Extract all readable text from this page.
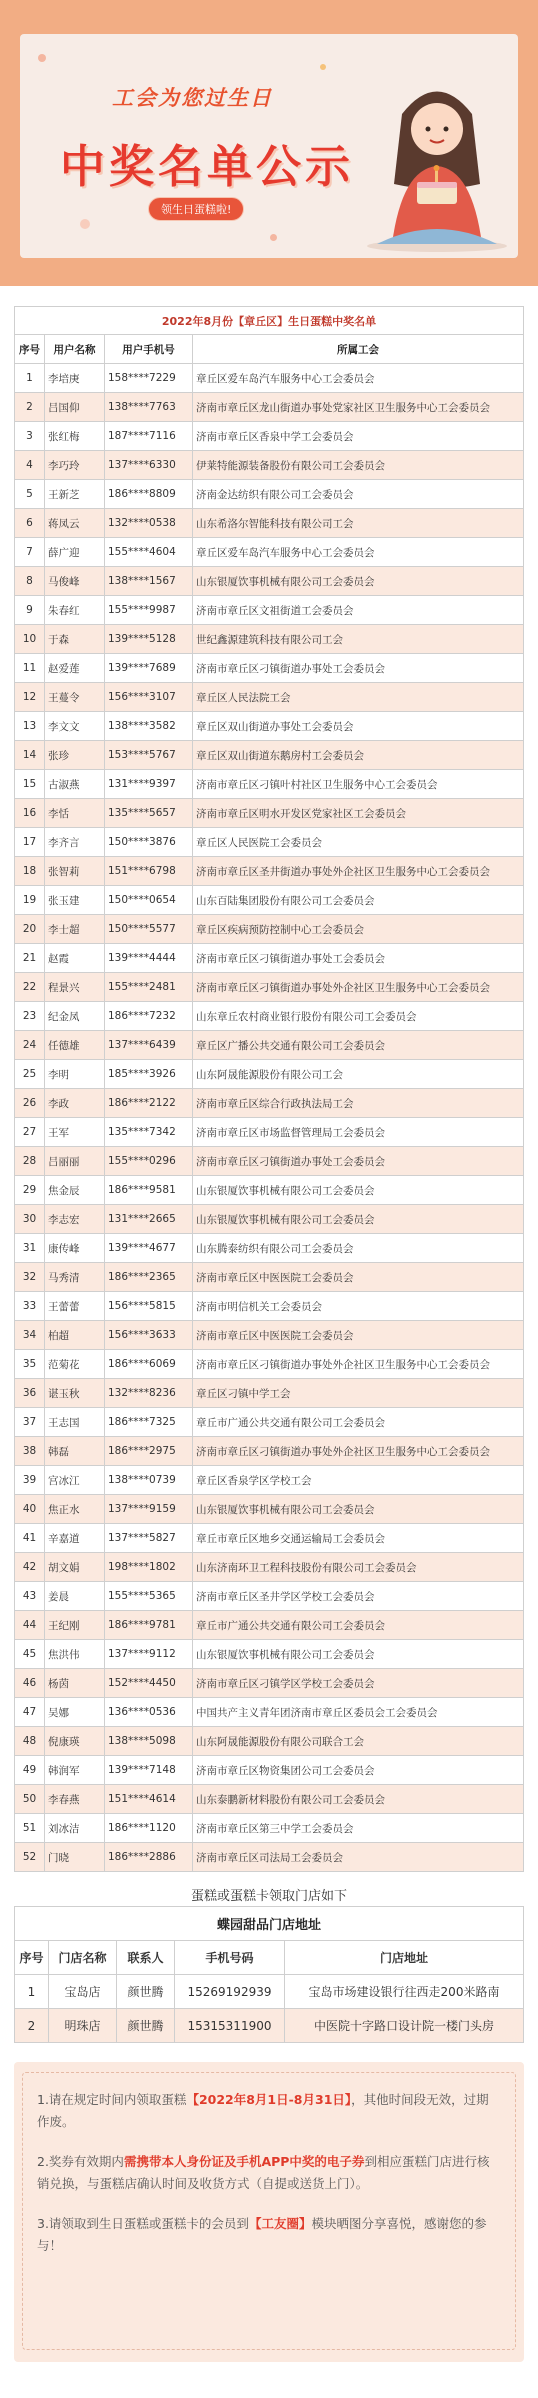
工会为您过生日
中奖名单公示
领生日蛋糕啦!
2022年8月份【章丘区】生日蛋糕中奖名单			
序号	用户名称	用户手机号	所属工会
1	李培庚	158****7229	章丘区爱车岛汽车服务中心工会委员会
2	吕国仰	138****7763	济南市章丘区龙山街道办事处党家社区卫生服务中心工会委员会
3	张红梅	187****7116	济南市章丘区香泉中学工会委员会
4	李巧玲	137****6330	伊莱特能源装备股份有限公司工会委员会
5	王新芝	186****8809	济南金达纺织有限公司工会委员会
6	蒋凤云	132****0538	山东希洛尔智能科技有限公司工会
7	薛广迎	155****4604	章丘区爱车岛汽车服务中心工会委员会
8	马俊峰	138****1567	山东银厦饮事机械有限公司工会委员会
9	朱春红	155****9987	济南市章丘区文祖街道工会委员会
10	于森	139****5128	世纪鑫源建筑科技有限公司工会
11	赵爱莲	139****7689	济南市章丘区刁镇街道办事处工会委员会
12	王蔓令	156****3107	章丘区人民法院工会
13	李文文	138****3582	章丘区双山街道办事处工会委员会
14	张珍	153****5767	章丘区双山街道东鹅房村工会委员会
15	古淑燕	131****9397	济南市章丘区刁镇叶村社区卫生服务中心工会委员会
16	李恬	135****5657	济南市章丘区明水开发区党家社区工会委员会
17	李齐言	150****3876	章丘区人民医院工会委员会
18	张智莉	151****6798	济南市章丘区圣井街道办事处外企社区卫生服务中心工会委员会
19	张玉建	150****0654	山东百陆集团股份有限公司工会委员会
20	李士超	150****5577	章丘区疾病预防控制中心工会委员会
21	赵霞	139****4444	济南市章丘区刁镇街道办事处工会委员会
22	程景兴	155****2481	济南市章丘区刁镇街道办事处外企社区卫生服务中心工会委员会
23	纪金凤	186****7232	山东章丘农村商业银行股份有限公司工会委员会
24	任德雄	137****6439	章丘区广播公共交通有限公司工会委员会
25	李明	185****3926	山东阿晟能源股份有限公司工会
26	李政	186****2122	济南市章丘区综合行政执法局工会
27	王军	135****7342	济南市章丘区市场监督管理局工会委员会
28	吕丽丽	155****0296	济南市章丘区刁镇街道办事处工会委员会
29	焦金辰	186****9581	山东银厦饮事机械有限公司工会委员会
30	李志宏	131****2665	山东银厦饮事机械有限公司工会委员会
31	康传峰	139****4677	山东腾泰纺织有限公司工会委员会
32	马秀清	186****2365	济南市章丘区中医医院工会委员会
33	王蕾蕾	156****5815	济南市明信机关工会委员会
34	柏超	156****3633	济南市章丘区中医医院工会委员会
35	范菊花	186****6069	济南市章丘区刁镇街道办事处外企社区卫生服务中心工会委员会
36	谌玉秋	132****8236	章丘区刁镇中学工会
37	王志国	186****7325	章丘市广通公共交通有限公司工会委员会
38	韩磊	186****2975	济南市章丘区刁镇街道办事处外企社区卫生服务中心工会委员会
39	宫冰江	138****0739	章丘区香泉学区学校工会
40	焦正水	137****9159	山东银厦饮事机械有限公司工会委员会
41	辛嘉道	137****5827	章丘市章丘区地乡交通运输局工会委员会
42	胡文娟	198****1802	山东济南环卫工程科技股份有限公司工会委员会
43	姜晨	155****5365	济南市章丘区圣井学区学校工会委员会
44	王纪刚	186****9781	章丘市广通公共交通有限公司工会委员会
45	焦洪伟	137****9112	山东银厦饮事机械有限公司工会委员会
46	杨茵	152****4450	济南市章丘区刁镇学区学校工会委员会
47	吴娜	136****0536	中国共产主义青年团济南市章丘区委员会工会委员会
48	倪康瑛	138****5098	山东阿晟能源股份有限公司联合工会
49	韩润军	139****7148	济南市章丘区物资集团公司工会委员会
50	李春燕	151****4614	山东泰鹏新材料股份有限公司工会委员会
51	刘冰洁	186****1120	济南市章丘区第三中学工会委员会
52	门晓	186****2886	济南市章丘区司法局工会委员会
蛋糕或蛋糕卡领取门店如下
蝶园甜品门店地址				
序号	门店名称	联系人	手机号码	门店地址
1	宝岛店	颜世腾	15269192939	宝岛市场建设银行往西走200米路南
2	明珠店	颜世腾	15315311900	中医院十字路口设计院一楼门头房

1.请在规定时间内领取蛋糕【2022年8月1日-8月31日】，其他时间段无效，过期作废。

2.奖券有效期内需携带本人身份证及手机APP中奖的电子券到相应蛋糕门店进行核销兑换，与蛋糕店确认时间及收货方式（自提或送货上门）。

3.请领取到生日蛋糕或蛋糕卡的会员到【工友圈】模块晒图分享喜悦，感谢您的参与！
